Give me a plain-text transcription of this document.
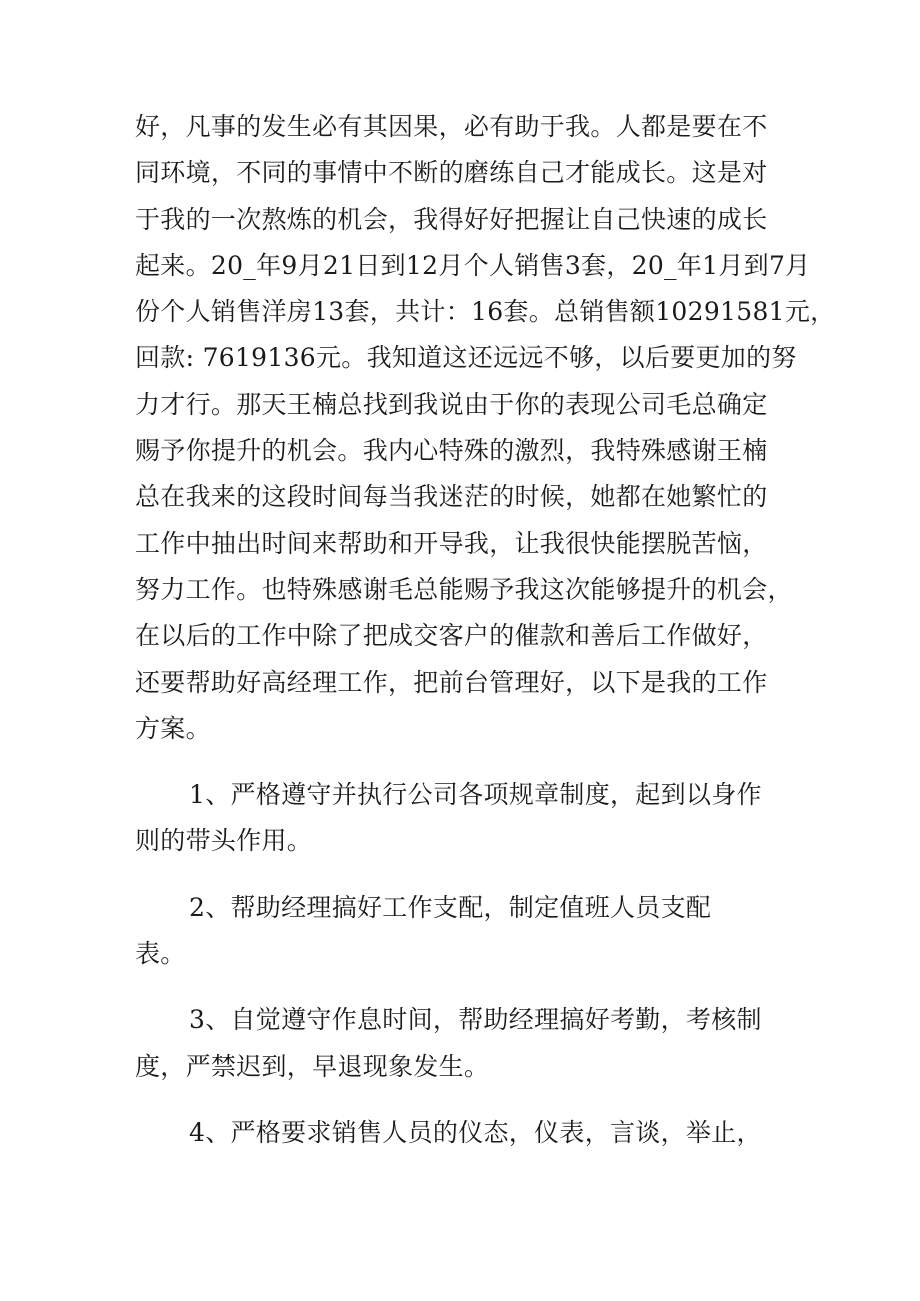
好，凡事的发生必有其因果，必有助于我。人都是要在不
同环境，不同的事情中不断的磨练自己才能成长。这是对
于我的一次熬炼的机会，我得好好把握让自己快速的成长
起来。20_年9月21日到12月个人销售3套，20_年1月到7月
份个人销售洋房13套，共计：16套。总销售额10291581元，
回款: 7619136元。我知道这还远远不够，以后要更加的努
力才行。那天王楠总找到我说由于你的表现公司毛总确定
赐予你提升的机会。我内心特殊的激烈，我特殊感谢王楠
总在我来的这段时间每当我迷茫的时候，她都在她繁忙的
工作中抽出时间来帮助和开导我，让我很快能摆脱苦恼，
努力工作。也特殊感谢毛总能赐予我这次能够提升的机会，
在以后的工作中除了把成交客户的催款和善后工作做好，
还要帮助好高经理工作，把前台管理好，以下是我的工作
方案。
1、严格遵守并执行公司各项规章制度，起到以身作
则的带头作用。
2、帮助经理搞好工作支配，制定值班人员支配
表。
3、自觉遵守作息时间，帮助经理搞好考勤，考核制
度，严禁迟到，早退现象发生。
4、严格要求销售人员的仪态，仪表，言谈，举止，
